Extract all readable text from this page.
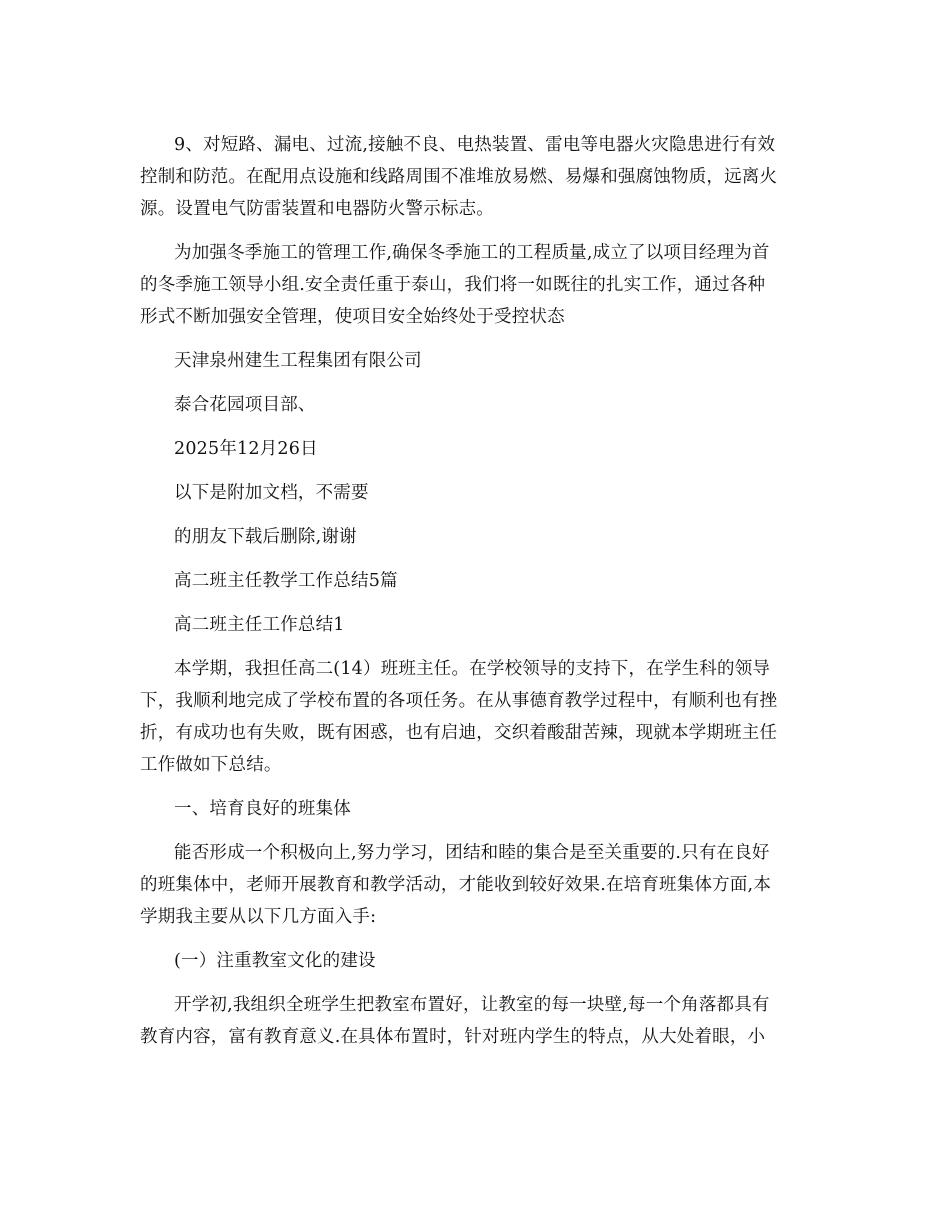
9、对短路、漏电、过流,接触不良、电热装置、雷电等电器火灾隐患进行有效
控制和防范。在配用点设施和线路周围不准堆放易燃、易爆和强腐蚀物质，远离火
源。设置电气防雷装置和电器防火警示标志。
为加强冬季施工的管理工作,确保冬季施工的工程质量,成立了以项目经理为首
的冬季施工领导小组.安全责任重于泰山，我们将一如既往的扎实工作，通过各种
形式不断加强安全管理，使项目安全始终处于受控状态
天津泉州建生工程集团有限公司
泰合花园项目部、
2025年12月26日
以下是附加文档，不需要
的朋友下载后删除,谢谢
高二班主任教学工作总结5篇
高二班主任工作总结1
本学期，我担任高二(14）班班主任。在学校领导的支持下，在学生科的领导
下，我顺利地完成了学校布置的各项任务。在从事德育教学过程中，有顺利也有挫
折，有成功也有失败，既有困惑，也有启迪，交织着酸甜苦辣，现就本学期班主任
工作做如下总结。
一、培育良好的班集体
能否形成一个积极向上,努力学习，团结和睦的集合是至关重要的.只有在良好
的班集体中，老师开展教育和教学活动，才能收到较好效果.在培育班集体方面,本
学期我主要从以下几方面入手:
(一）注重教室文化的建设
开学初,我组织全班学生把教室布置好，让教室的每一块壁,每一个角落都具有
教育内容，富有教育意义.在具体布置时，针对班内学生的特点，从大处着眼，小
